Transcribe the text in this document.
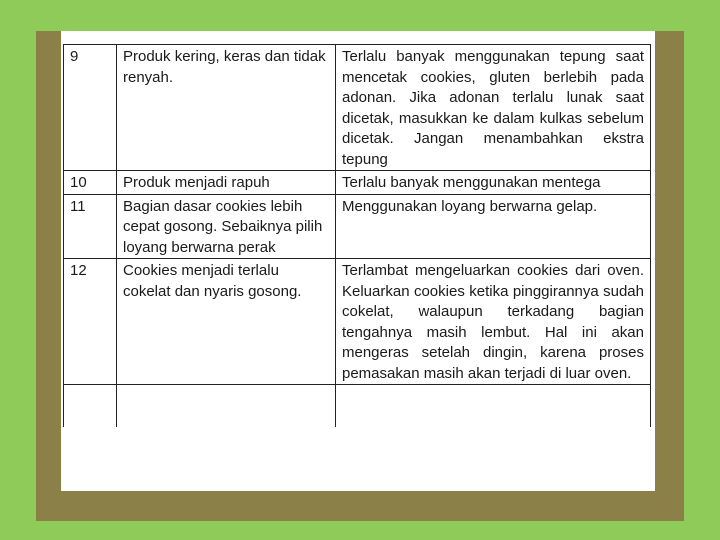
9	Produk kering, keras dan tidak renyah.	Terlalu banyak menggunakan tepung saat mencetak cookies, gluten berlebih pada adonan. Jika adonan terlalu lunak saat dicetak, masukkan ke dalam kulkas sebelum dicetak. Jangan menambahkan ekstra tepung
10	Produk menjadi rapuh	Terlalu banyak menggunakan mentega
11	Bagian dasar cookies lebih cepat gosong. Sebaiknya pilih loyang berwarna perak	Menggunakan loyang berwarna gelap.
12	Cookies menjadi terlalu cokelat dan nyaris gosong.	Terlambat mengeluarkan cookies dari oven. Keluarkan cookies ketika pinggirannya sudah cokelat, walaupun terkadang bagian tengahnya masih lembut. Hal ini akan mengeras setelah dingin, karena proses pemasakan masih akan terjadi di luar oven.
